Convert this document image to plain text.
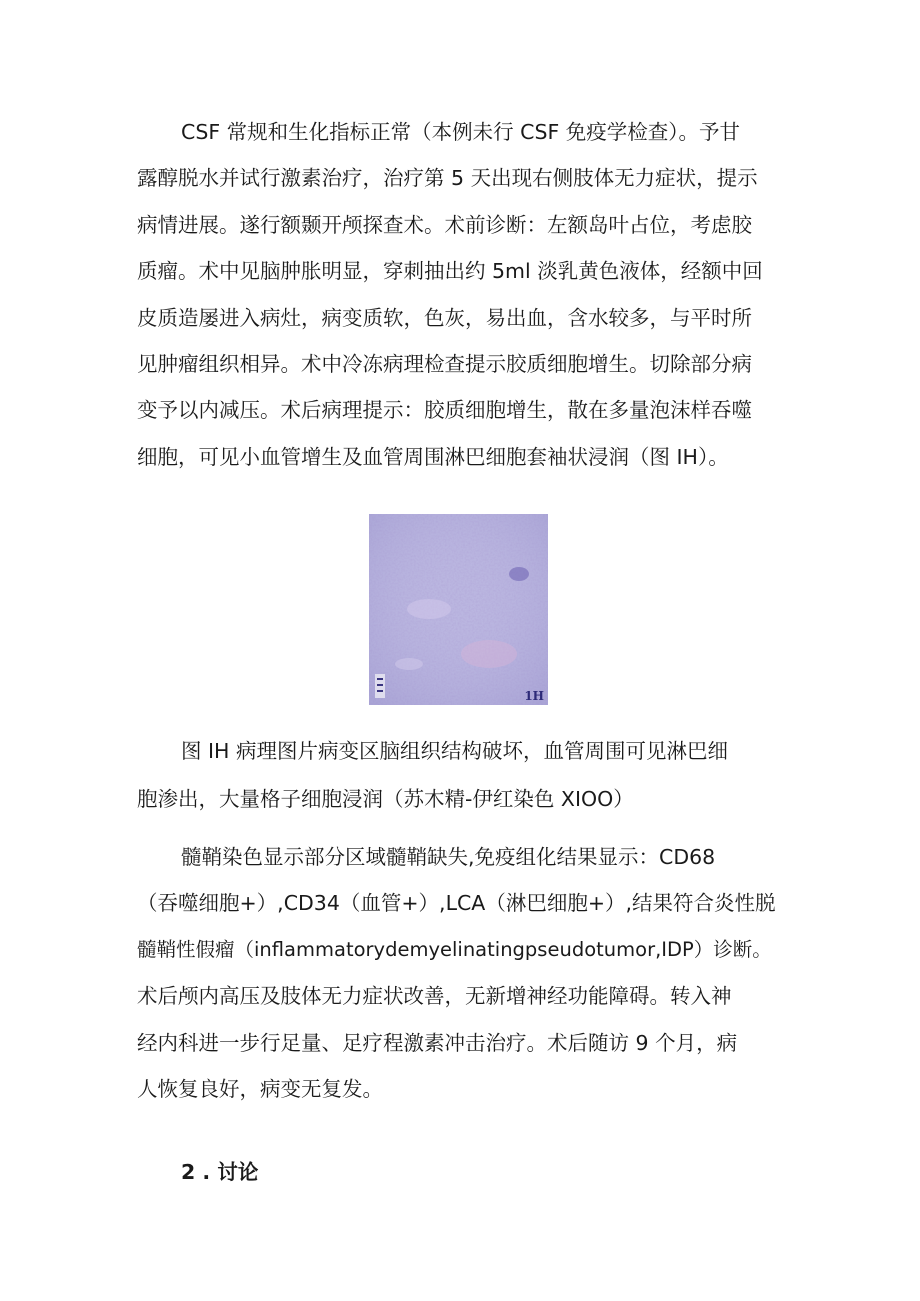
CSF 常规和生化指标正常（本例未行 CSF 免疫学检查）。予甘
露醇脱水并试行激素治疗，治疗第 5 天出现右侧肢体无力症状，提示
病情进展。遂行额颞开颅探查术。术前诊断：左额岛叶占位，考虑胶
质瘤。术中见脑肿胀明显，穿刺抽出约 5ml 淡乳黄色液体，经额中回
皮质造屡进入病灶，病变质软，色灰，易出血，含水较多，与平时所
见肿瘤组织相异。术中冷冻病理检查提示胶质细胞增生。切除部分病
变予以内减压。术后病理提示：胶质细胞增生，散在多量泡沫样吞噬
细胞，可见小血管增生及血管周围淋巴细胞套袖状浸润（图 IH）。
1H
图 IH 病理图片病变区脑组织结构破坏，血管周围可见淋巴细
胞渗出，大量格子细胞浸润（苏木精-伊红染色 XIOO）
髓鞘染色显示部分区域髓鞘缺失,免疫组化结果显示：CD68
（吞噬细胞+）,CD34（血管+）,LCA（淋巴细胞+）,结果符合炎性脱
髓鞘性假瘤（inflammatorydemyelinatingpseudotumor,IDP）诊断。
术后颅内高压及肢体无力症状改善，无新增神经功能障碍。转入神
经内科进一步行足量、足疗程激素冲击治疗。术后随访 9 个月，病
人恢复良好，病变无复发。
2 . 讨论
